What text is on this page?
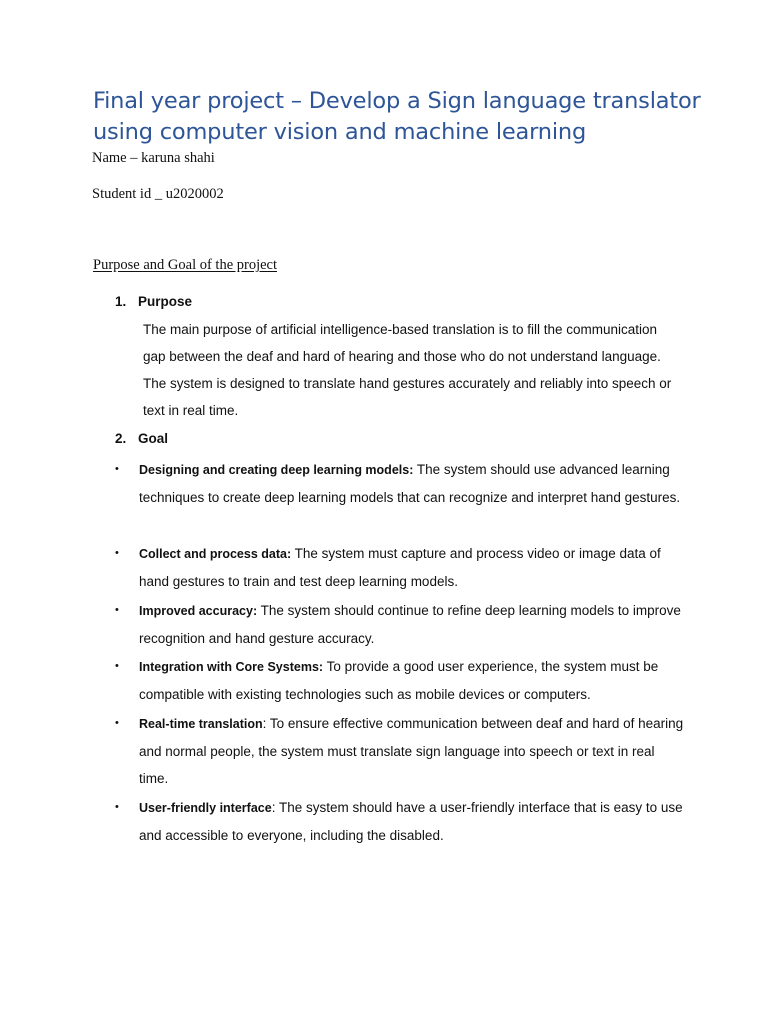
Final year project – Develop a Sign language translator using computer vision and machine learning
Name – karuna shahi
Student id _ u2020002
Purpose and Goal of the project
1. Purpose

The main purpose of artificial intelligence-based translation is to fill the communication gap between the deaf and hard of hearing and those who do not understand language. The system is designed to translate hand gestures accurately and reliably into speech or text in real time.

2. Goal
• Designing and creating deep learning models: The system should use advanced learning techniques to create deep learning models that can recognize and interpret hand gestures.
• Collect and process data: The system must capture and process video or image data of hand gestures to train and test deep learning models.
• Improved accuracy: The system should continue to refine deep learning models to improve recognition and hand gesture accuracy.
• Integration with Core Systems: To provide a good user experience, the system must be compatible with existing technologies such as mobile devices or computers.
• Real-time translation: To ensure effective communication between deaf and hard of hearing and normal people, the system must translate sign language into speech or text in real time.
• User-friendly interface: The system should have a user-friendly interface that is easy to use and accessible to everyone, including the disabled.
